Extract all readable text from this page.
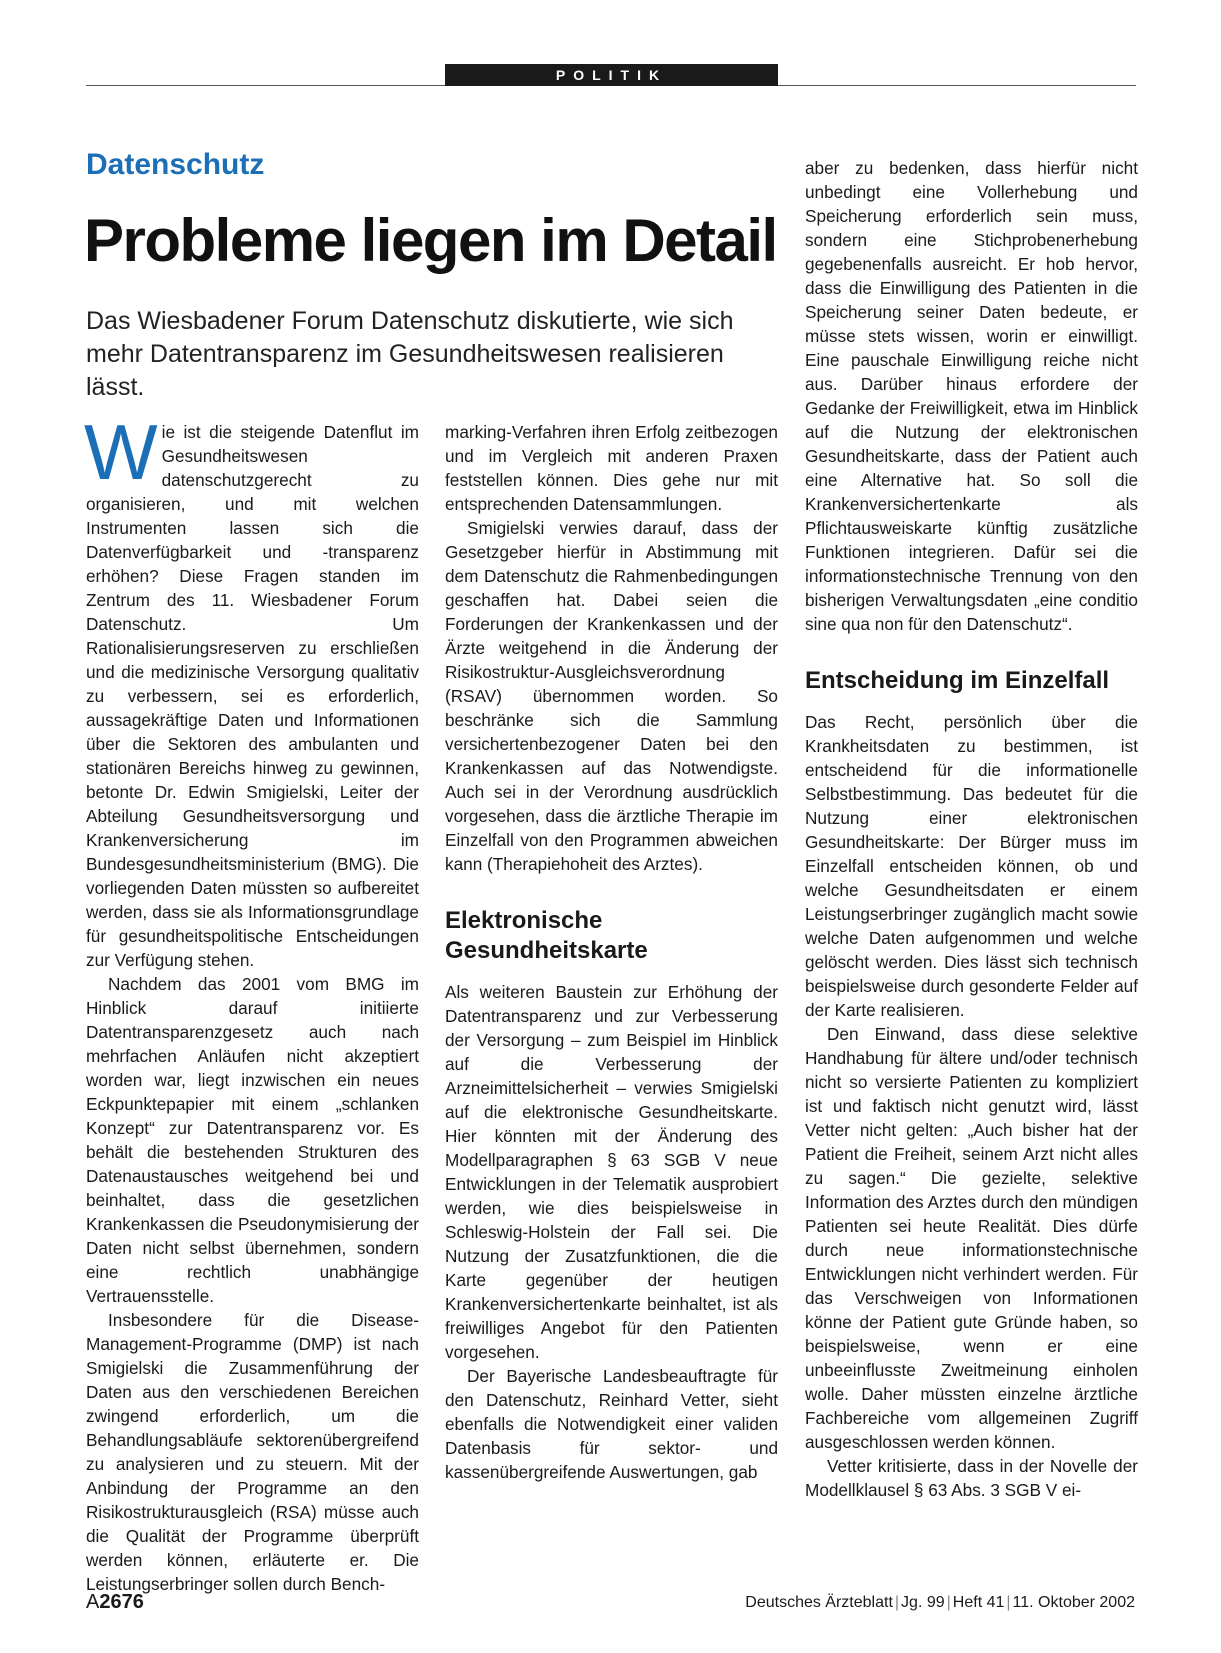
POLITIK
Datenschutz
Probleme liegen im Detail

Das Wiesbadener Forum Datenschutz diskutierte, wie sich mehr Datentransparenz im Gesundheitswesen realisieren lässt.

W ie ist die steigende Datenflut im Gesundheitswesen datenschutzgerecht zu organisieren, und mit welchen Instrumenten lassen sich die Datenverfügbarkeit und -transparenz erhöhen? Diese Fragen standen im Zentrum des 11. Wiesbadener Forum Datenschutz. Um Rationalisierungsreserven zu erschließen und die medizinische Versorgung qualitativ zu verbessern, sei es erforderlich, aussagekräftige Daten und Informationen über die Sektoren des ambulanten und stationären Bereichs hinweg zu gewinnen, betonte Dr. Edwin Smigielski, Leiter der Abteilung Gesundheitsversorgung und Krankenversicherung im Bundesgesundheitsministerium (BMG). Die vorliegenden Daten müssten so aufbereitet werden, dass sie als Informationsgrundlage für gesundheitspolitische Entscheidungen zur Verfügung stehen.

Nachdem das 2001 vom BMG im Hinblick darauf initiierte Datentransparenzgesetz auch nach mehrfachen Anläufen nicht akzeptiert worden war, liegt inzwischen ein neues Eckpunktepapier mit einem „schlanken Konzept“ zur Datentransparenz vor. Es behält die bestehenden Strukturen des Datenaustausches weitgehend bei und beinhaltet, dass die gesetzlichen Krankenkassen die Pseudonymisierung der Daten nicht selbst übernehmen, sondern eine rechtlich unabhängige Vertrauensstelle.

Insbesondere für die Disease-Management-Programme (DMP) ist nach Smigielski die Zusammenführung der Daten aus den verschiedenen Bereichen zwingend erforderlich, um die Behandlungsabläufe sektorenübergreifend zu analysieren und zu steuern. Mit der Anbindung der Programme an den Risikostrukturausgleich (RSA) müsse auch die Qualität der Programme überprüft werden können, erläuterte er. Die Leistungserbringer sollen durch Bench-

marking-Verfahren ihren Erfolg zeitbezogen und im Vergleich mit anderen Praxen feststellen können. Dies gehe nur mit entsprechenden Datensammlungen.

Smigielski verwies darauf, dass der Gesetzgeber hierfür in Abstimmung mit dem Datenschutz die Rahmenbedingungen geschaffen hat. Dabei seien die Forderungen der Krankenkassen und der Ärzte weitgehend in die Änderung der Risikostruktur-Ausgleichsverordnung (RSAV) übernommen worden. So beschränke sich die Sammlung versichertenbezogener Daten bei den Krankenkassen auf das Notwendigste. Auch sei in der Verordnung ausdrücklich vorgesehen, dass die ärztliche Therapie im Einzelfall von den Programmen abweichen kann (Therapiehoheit des Arztes).

Elektronische
Gesundheitskarte

Als weiteren Baustein zur Erhöhung der Datentransparenz und zur Verbesserung der Versorgung – zum Beispiel im Hinblick auf die Verbesserung der Arzneimittelsicherheit – verwies Smigielski auf die elektronische Gesundheitskarte. Hier könnten mit der Änderung des Modellparagraphen § 63 SGB V neue Entwicklungen in der Telematik ausprobiert werden, wie dies beispielsweise in Schleswig-Holstein der Fall sei. Die Nutzung der Zusatzfunktionen, die die Karte gegenüber der heutigen Krankenversichertenkarte beinhaltet, ist als freiwilliges Angebot für den Patienten vorgesehen.

Der Bayerische Landesbeauftragte für den Datenschutz, Reinhard Vetter, sieht ebenfalls die Notwendigkeit einer validen Datenbasis für sektor- und kassenübergreifende Auswertungen, gab

aber zu bedenken, dass hierfür nicht unbedingt eine Vollerhebung und Speicherung erforderlich sein muss, sondern eine Stichprobenerhebung gegebenenfalls ausreicht. Er hob hervor, dass die Einwilligung des Patienten in die Speicherung seiner Daten bedeute, er müsse stets wissen, worin er einwilligt. Eine pauschale Einwilligung reiche nicht aus. Darüber hinaus erfordere der Gedanke der Freiwilligkeit, etwa im Hinblick auf die Nutzung der elektronischen Gesundheitskarte, dass der Patient auch eine Alternative hat. So soll die Krankenversichertenkarte als Pflichtausweiskarte künftig zusätzliche Funktionen integrieren. Dafür sei die informationstechnische Trennung von den bisherigen Verwaltungsdaten „eine conditio sine qua non für den Datenschutz“.

Entscheidung im Einzelfall

Das Recht, persönlich über die Krankheitsdaten zu bestimmen, ist entscheidend für die informationelle Selbstbestimmung. Das bedeutet für die Nutzung einer elektronischen Gesundheitskarte: Der Bürger muss im Einzelfall entscheiden können, ob und welche Gesundheitsdaten er einem Leistungserbringer zugänglich macht sowie welche Daten aufgenommen und welche gelöscht werden. Dies lässt sich technisch beispielsweise durch gesonderte Felder auf der Karte realisieren.

Den Einwand, dass diese selektive Handhabung für ältere und/oder technisch nicht so versierte Patienten zu kompliziert ist und faktisch nicht genutzt wird, lässt Vetter nicht gelten: „Auch bisher hat der Patient die Freiheit, seinem Arzt nicht alles zu sagen.“ Die gezielte, selektive Information des Arztes durch den mündigen Patienten sei heute Realität. Dies dürfe durch neue informationstechnische Entwicklungen nicht verhindert werden. Für das Verschweigen von Informationen könne der Patient gute Gründe haben, so beispielsweise, wenn er eine unbeeinflusste Zweitmeinung einholen wolle. Daher müssten einzelne ärztliche Fachbereiche vom allgemeinen Zugriff ausgeschlossen werden können.

Vetter kritisierte, dass in der Novelle der Modellklausel § 63 Abs. 3 SGB V ei-

A2676	Deutsches Ärzteblatt | Jg. 99 | Heft 41 | 11. Oktober 2002
